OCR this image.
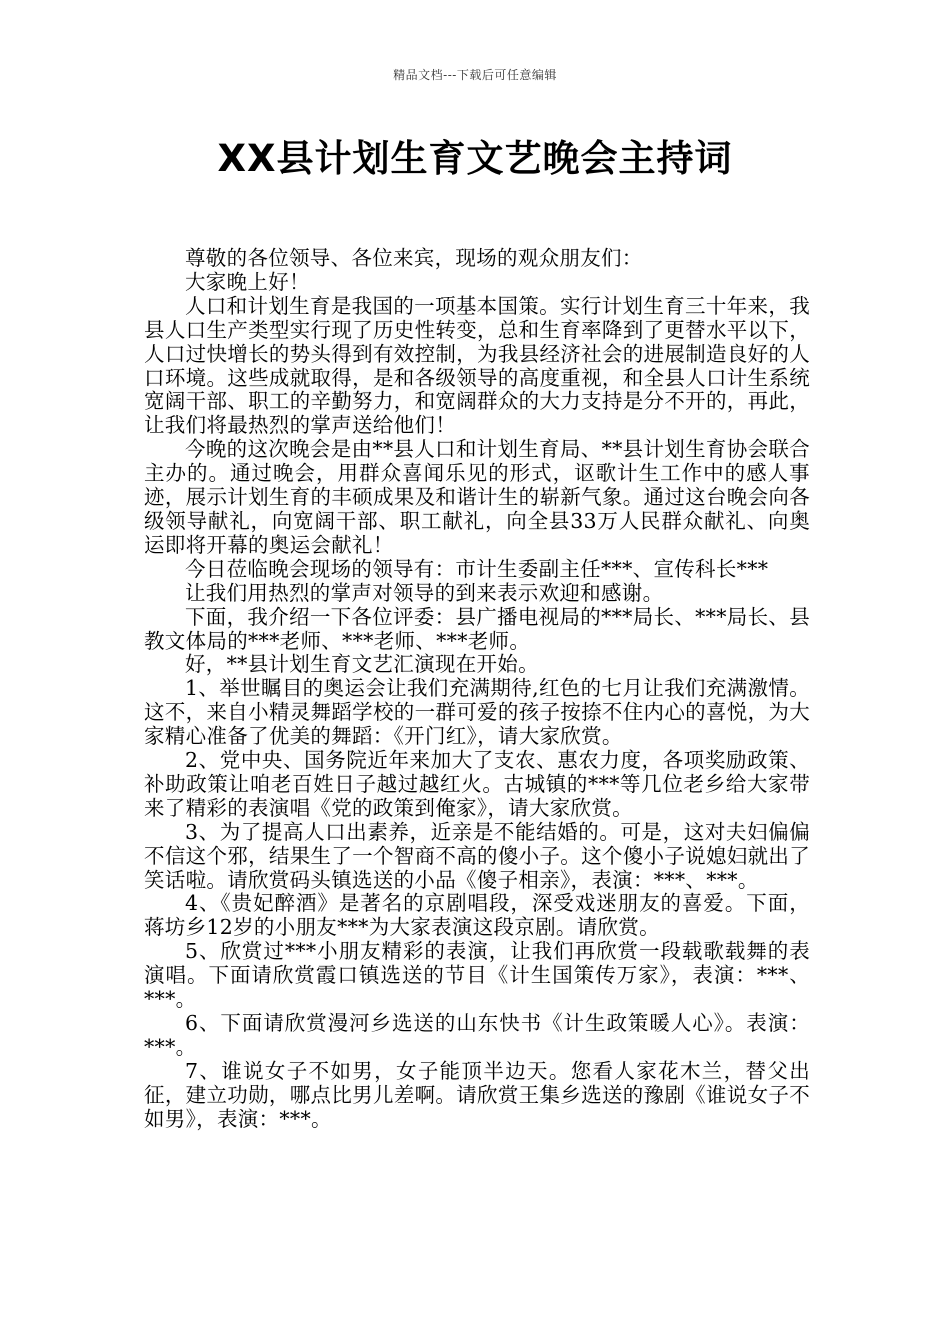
精品文档---下载后可任意编辑
XX县计划生育文艺晚会主持词

尊敬的各位领导、各位来宾，现场的观众朋友们：

大家晚上好！

人口和计划生育是我国的一项基本国策。实行计划生育三十年来，我县人口生产类型实行现了历史性转变，总和生育率降到了更替水平以下，人口过快增长的势头得到有效控制，为我县经济社会的进展制造良好的人口环境。这些成就取得，是和各级领导的高度重视，和全县人口计生系统宽阔干部、职工的辛勤努力，和宽阔群众的大力支持是分不开的，再此，让我们将最热烈的掌声送给他们！

今晚的这次晚会是由**县人口和计划生育局、**县计划生育协会联合主办的。通过晚会，用群众喜闻乐见的形式，讴歌计生工作中的感人事迹，展示计划生育的丰硕成果及和谐计生的崭新气象。通过这台晚会向各级领导献礼，向宽阔干部、职工献礼，向全县33万人民群众献礼、向奥运即将开幕的奥运会献礼！

今日莅临晚会现场的领导有：市计生委副主任***、宣传科长***

让我们用热烈的掌声对领导的到来表示欢迎和感谢。

下面，我介绍一下各位评委：县广播电视局的***局长、***局长、县教文体局的***老师、***老师、***老师。

好，**县计划生育文艺汇演现在开始。

1、举世瞩目的奥运会让我们充满期待,红色的七月让我们充满激情。这不，来自小精灵舞蹈学校的一群可爱的孩子按捺不住内心的喜悦，为大家精心准备了优美的舞蹈：《开门红》，请大家欣赏。

2、党中央、国务院近年来加大了支农、惠农力度，各项奖励政策、补助政策让咱老百姓日子越过越红火。古城镇的***等几位老乡给大家带来了精彩的表演唱《党的政策到俺家》，请大家欣赏。

3、为了提高人口出素养，近亲是不能结婚的。可是，这对夫妇偏偏不信这个邪，结果生了一个智商不高的傻小子。这个傻小子说媳妇就出了笑话啦。请欣赏码头镇选送的小品《傻子相亲》，表演：***、***。

4、《贵妃醉酒》是著名的京剧唱段，深受戏迷朋友的喜爱。下面，蒋坊乡12岁的小朋友***为大家表演这段京剧。请欣赏。

5、欣赏过***小朋友精彩的表演，让我们再欣赏一段载歌载舞的表演唱。下面请欣赏霞口镇选送的节目《计生国策传万家》，表演：***、***。

6、下面请欣赏漫河乡选送的山东快书《计生政策暖人心》。表演：***。

7、谁说女子不如男，女子能顶半边天。您看人家花木兰，替父出征，建立功勋，哪点比男儿差啊。请欣赏王集乡选送的豫剧《谁说女子不如男》，表演：***。
